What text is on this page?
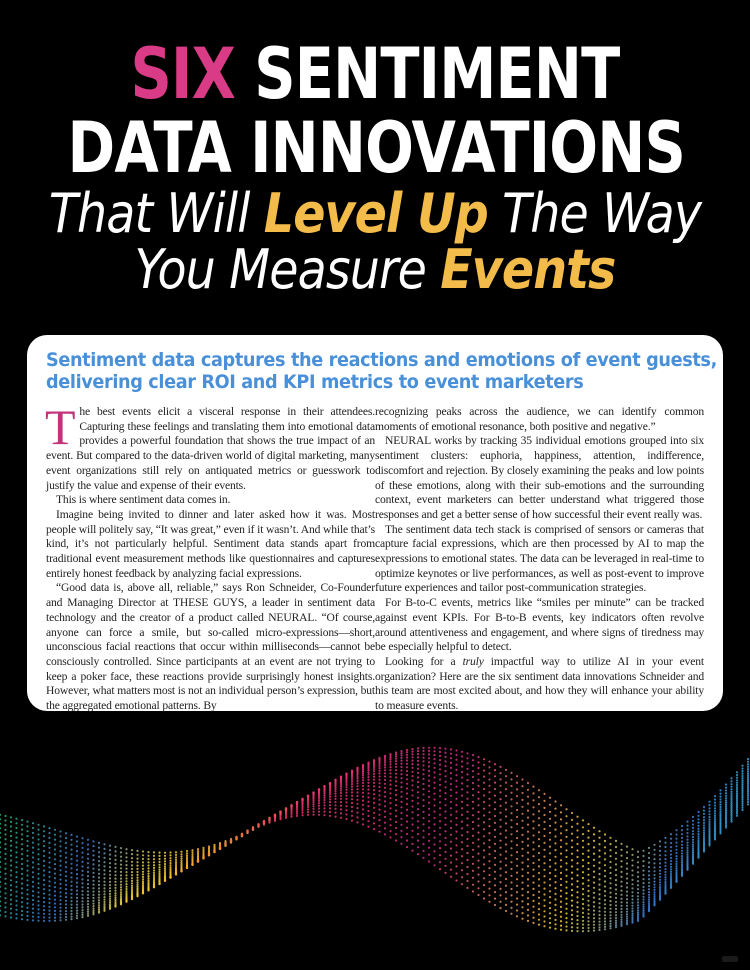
SIX SENTIMENT
DATA INNOVATIONS
That Will Level Up The Way
You Measure Events
Sentiment data captures the reactions and emotions of event guests,
delivering clear ROI and KPI metrics to event marketers

The best events elicit a visceral response in their attendees. Capturing these feelings and translating them into emotional data provides a powerful foundation that shows the true impact of an event. But compared to the data-driven world of digital marketing, many event organizations still rely on antiquated metrics or guesswork to justify the value and expense of their events.

This is where sentiment data comes in.

Imagine being invited to dinner and later asked how it was. Most people will politely say, “It was great,” even if it wasn’t. And while that’s kind, it’s not particularly helpful. Sentiment data stands apart from traditional event measurement methods like questionnaires and captures entirely honest feedback by analyzing facial expressions.

“Good data is, above all, reliable,” says Ron Schneider, Co-Founder and Managing Director at THESE GUYS, a leader in sentiment data technology and the creator of a product called NEURAL. “Of course, anyone can force a smile, but so-called micro-expressions—short, unconscious facial reactions that occur within milliseconds—cannot be consciously controlled. Since participants at an event are not trying to keep a poker face, these reactions provide surprisingly honest insights. However, what matters most is not an individual person’s expression, but the aggregated emotional patterns. By

recognizing peaks across the audience, we can identify common moments of emotional resonance, both positive and negative.”

NEURAL works by tracking 35 individual emotions grouped into six sentiment clusters: euphoria, happiness, attention, indifference, discomfort and rejection. By closely examining the peaks and low points of these emotions, along with their sub-emotions and the surrounding context, event marketers can better understand what triggered those responses and get a better sense of how successful their event really was.

The sentiment data tech stack is comprised of sensors or cameras that capture facial expressions, which are then processed by AI to map the expressions to emotional states. The data can be leveraged in real-time to optimize keynotes or live performances, as well as post-event to improve future experiences and tailor post-communication strategies.

For B-to-C events, metrics like “smiles per minute” can be tracked against event KPIs. For B-to-B events, key indicators often revolve around attentiveness and engagement, and where signs of tiredness may be especially helpful to detect.

Looking for a truly impactful way to utilize AI in your event organization? Here are the six sentiment data innovations Schneider and his team are most excited about, and how they will enhance your ability to measure events.
